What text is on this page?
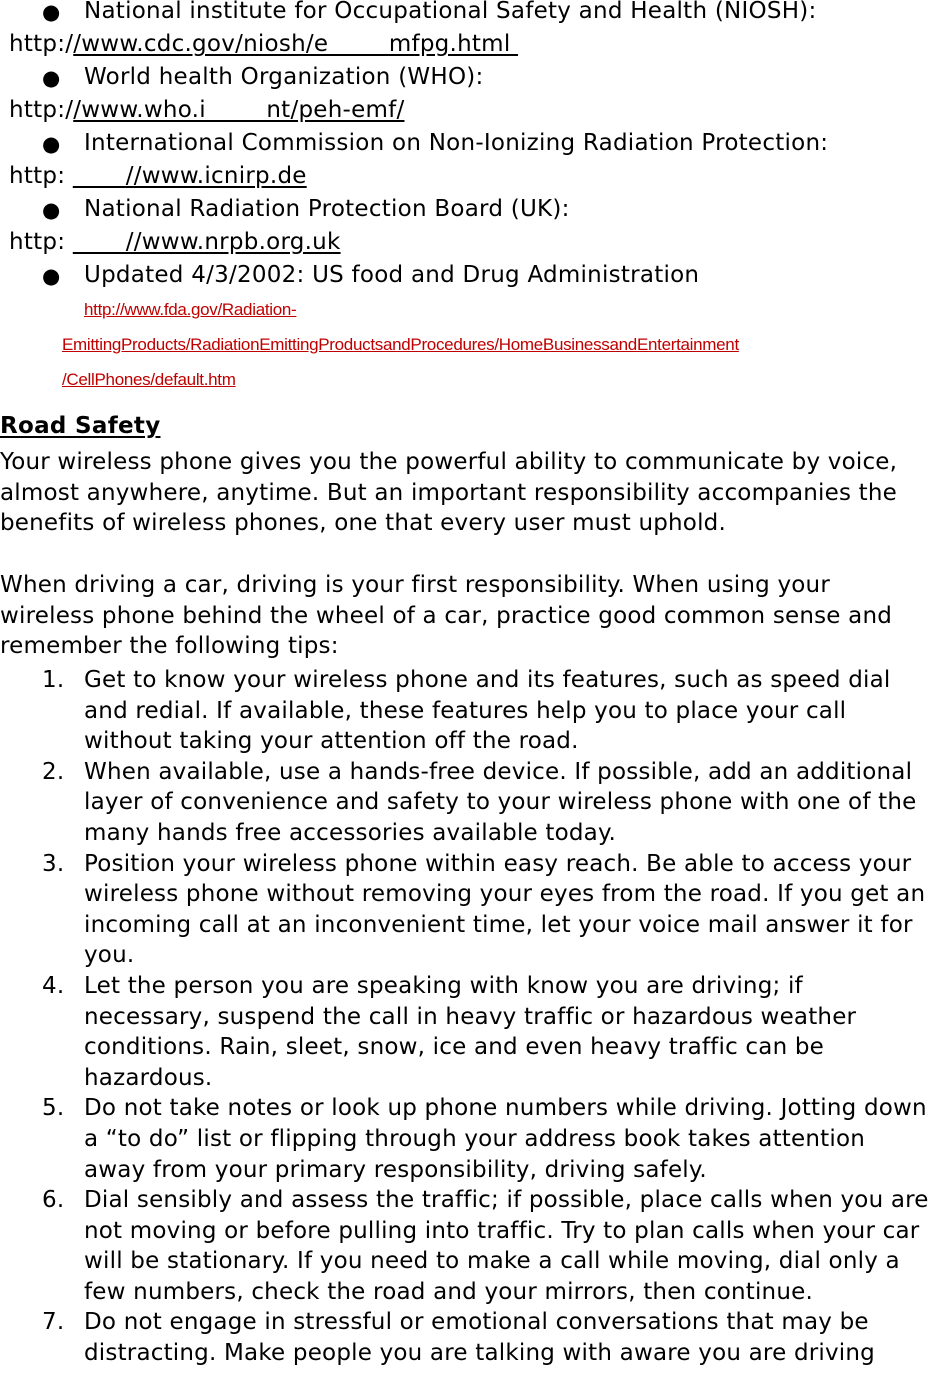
● National institute for Occupational Safety and Health (NIOSH):
http://www.cdc.gov/niosh/e        mfpg.html
● World health Organization (WHO):
http://www.who.i        nt/peh-emf/
● International Commission on Non-Ionizing Radiation Protection:
http:        //www.icnirp.de
● National Radiation Protection Board (UK):
http:        //www.nrpb.org.uk
● Updated 4/3/2002: US food and Drug Administration
http://www.fda.gov/Radiation-
EmittingProducts/RadiationEmittingProductsandProcedures/HomeBusinessandEntertainment
/CellPhones/default.htm
Road Safety
Your wireless phone gives you the powerful ability to communicate by voice, almost anywhere, anytime. But an important responsibility accompanies the benefits of wireless phones, one that every user must uphold.
When driving a car, driving is your first responsibility. When using your wireless phone behind the wheel of a car, practice good common sense and remember the following tips:
1. Get to know your wireless phone and its features, such as speed dial and redial. If available, these features help you to place your call without taking your attention off the road.
2. When available, use a hands-free device. If possible, add an additional layer of convenience and safety to your wireless phone with one of the many hands free accessories available today.
3. Position your wireless phone within easy reach. Be able to access your wireless phone without removing your eyes from the road. If you get an incoming call at an inconvenient time, let your voice mail answer it for you.
4. Let the person you are speaking with know you are driving; if necessary, suspend the call in heavy traffic or hazardous weather conditions. Rain, sleet, snow, ice and even heavy traffic can be hazardous.
5. Do not take notes or look up phone numbers while driving. Jotting down a “to do” list or flipping through your address book takes attention away from your primary responsibility, driving safely.
6. Dial sensibly and assess the traffic; if possible, place calls when you are not moving or before pulling into traffic. Try to plan calls when your car will be stationary. If you need to make a call while moving, dial only a few numbers, check the road and your mirrors, then continue.
7. Do not engage in stressful or emotional conversations that may be distracting. Make people you are talking with aware you are driving
